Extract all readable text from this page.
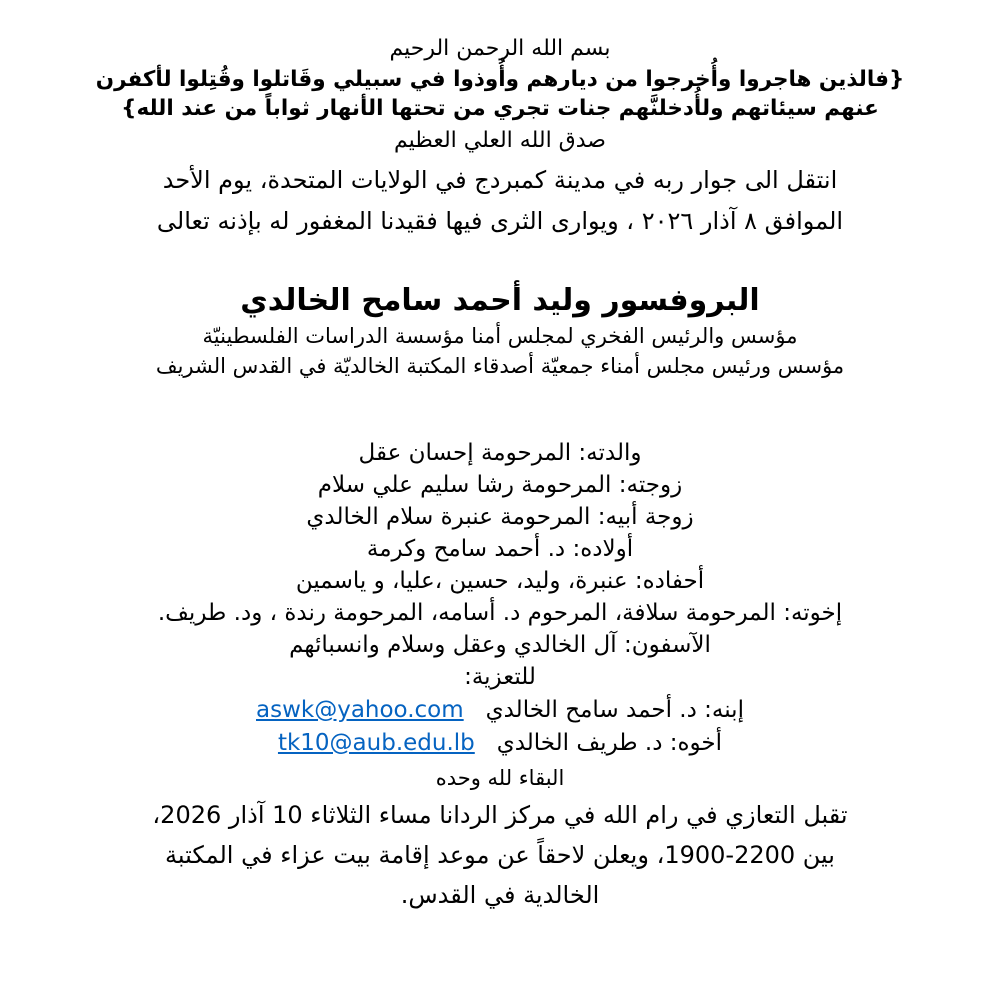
بسم الله الرحمن الرحيم
{فالذين هاجروا وأُخرجوا من ديارهم وأُوذوا في سبيلي وقَاتلوا وقُتِلوا لأكفرن
عنهم سيئاتهم ولأُدخلنَّهم جنات تجري من تحتها الأنهار ثواباً من عند الله}
صدق الله العلي العظيم
انتقل الى جوار ربه في مدينة كمبردج في الولايات المتحدة، يوم الأحد
الموافق ٨ آذار ٢٠٢٦ ، ويوارى الثرى فيها فقيدنا المغفور له بإذنه تعالى
البروفسور وليد أحمد سامح الخالدي
مؤسس والرئيس الفخري لمجلس أمنا مؤسسة الدراسات الفلسطينيّة
مؤسس ورئيس مجلس أمناء جمعيّة أصدقاء المكتبة الخالديّة في القدس الشريف
والدته: المرحومة إحسان عقل
زوجته: المرحومة رشا سليم علي سلام
زوجة أبيه: المرحومة عنبرة سلام الخالدي
أولاده: د. أحمد سامح وكرمة
أحفاده: عنبرة، وليد، حسين ،عليا، و ياسمين
إخوته: المرحومة سلافة، المرحوم د. أسامه، المرحومة رندة ، ود. طريف.
الآسفون: آل الخالدي وعقل وسلام وانسبائهم
للتعزية:
إبنه: د. أحمد سامح الخالدي   aswk@yahoo.com
أخوه: د. طريف الخالدي   tk10@aub.edu.lb
البقاء لله وحده
تقبل التعازي في رام الله في مركز الردانا مساء الثلاثاء 10 آذار 2026،
بين 2200-1900، ويعلن لاحقاً عن موعد إقامة بيت عزاء في المكتبة
الخالدية في القدس.
